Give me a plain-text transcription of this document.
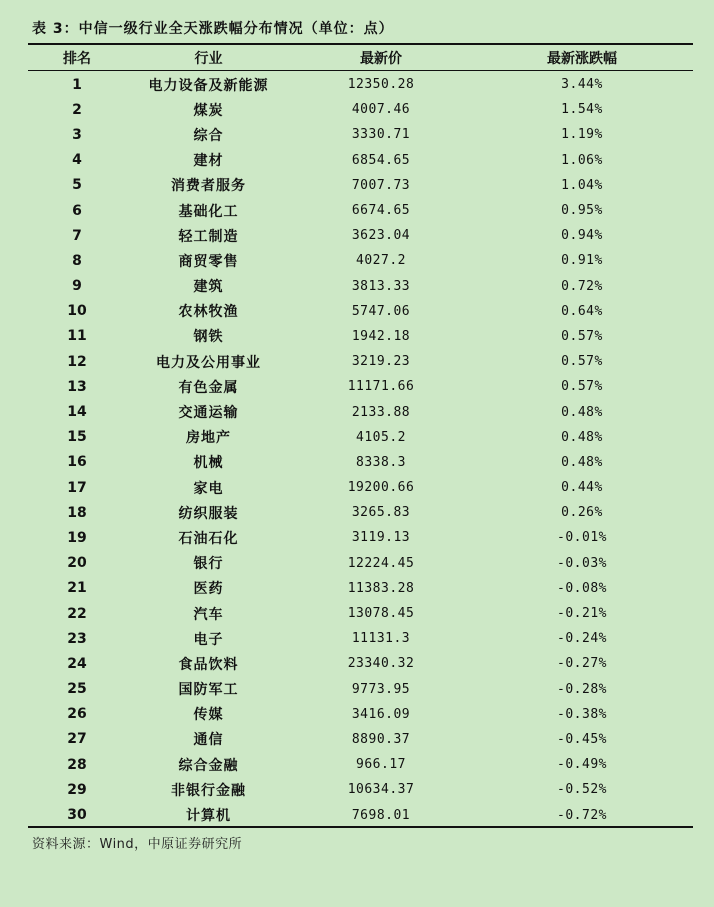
表 3：中信一级行业全天涨跌幅分布情况（单位：点）
排名	行业	最新价	最新涨跌幅
1	电力设备及新能源	12350.28	3.44%
2	煤炭	4007.46	1.54%
3	综合	3330.71	1.19%
4	建材	6854.65	1.06%
5	消费者服务	7007.73	1.04%
6	基础化工	6674.65	0.95%
7	轻工制造	3623.04	0.94%
8	商贸零售	4027.2	0.91%
9	建筑	3813.33	0.72%
10	农林牧渔	5747.06	0.64%
11	钢铁	1942.18	0.57%
12	电力及公用事业	3219.23	0.57%
13	有色金属	11171.66	0.57%
14	交通运输	2133.88	0.48%
15	房地产	4105.2	0.48%
16	机械	8338.3	0.48%
17	家电	19200.66	0.44%
18	纺织服装	3265.83	0.26%
19	石油石化	3119.13	-0.01%
20	银行	12224.45	-0.03%
21	医药	11383.28	-0.08%
22	汽车	13078.45	-0.21%
23	电子	11131.3	-0.24%
24	食品饮料	23340.32	-0.27%
25	国防军工	9773.95	-0.28%
26	传媒	3416.09	-0.38%
27	通信	8890.37	-0.45%
28	综合金融	966.17	-0.49%
29	非银行金融	10634.37	-0.52%
30	计算机	7698.01	-0.72%
资料来源：Wind，中原证券研究所
